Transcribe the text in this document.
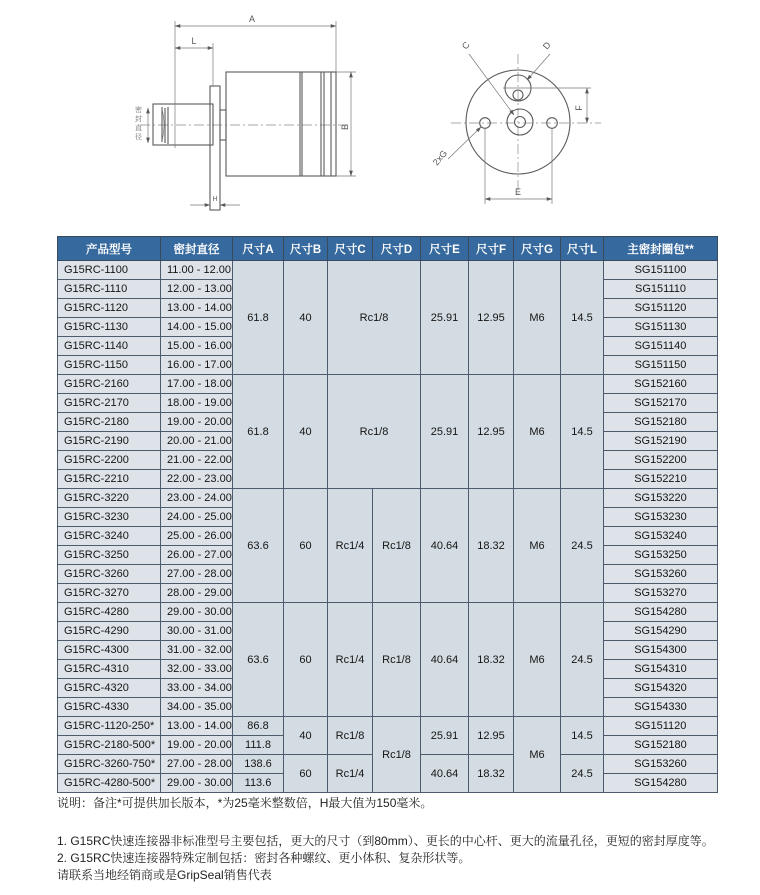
密封直径
A
L
B
H
C	D
2xG
F
E
产品型号	密封直径	尺寸A	尺寸B	尺寸C	尺寸D	尺寸E	尺寸F	尺寸G	尺寸L	主密封圈包**
G15RC-1100	11.00 - 12.00	61.8	40	Rc1/8		25.91	12.95	M6	14.5	SG151100
G15RC-1110	12.00 - 13.00									SG151110
G15RC-1120	13.00 - 14.00									SG151120
G15RC-1130	14.00 - 15.00									SG151130
G15RC-1140	15.00 - 16.00									SG151140
G15RC-1150	16.00 - 17.00									SG151150
G15RC-2160	17.00 - 18.00	61.8	40	Rc1/8		25.91	12.95	M6	14.5	SG152160
G15RC-2170	18.00 - 19.00									SG152170
G15RC-2180	19.00 - 20.00									SG152180
G15RC-2190	20.00 - 21.00									SG152190
G15RC-2200	21.00 - 22.00									SG152200
G15RC-2210	22.00 - 23.00									SG152210
G15RC-3220	23.00 - 24.00	63.6	60	Rc1/4	Rc1/8	40.64	18.32	M6	24.5	SG153220
G15RC-3230	24.00 - 25.00									SG153230
G15RC-3240	25.00 - 26.00									SG153240
G15RC-3250	26.00 - 27.00									SG153250
G15RC-3260	27.00 - 28.00									SG153260
G15RC-3270	28.00 - 29.00									SG153270
G15RC-4280	29.00 - 30.00	63.6	60	Rc1/4	Rc1/8	40.64	18.32	M6	24.5	SG154280
G15RC-4290	30.00 - 31.00									SG154290
G15RC-4300	31.00 - 32.00									SG154300
G15RC-4310	32.00 - 33.00									SG154310
G15RC-4320	33.00 - 34.00									SG154320
G15RC-4330	34.00 - 35.00									SG154330
G15RC-1120-250*	13.00 - 14.00	86.8	40	Rc1/8	Rc1/8	25.91	12.95	M6	14.5	SG151120
G15RC-2180-500*	19.00 - 20.00	111.8								SG152180
G15RC-3260-750*	27.00 - 28.00	138.6	60	Rc1/4		40.64	18.32		24.5	SG153260
G15RC-4280-500*	29.00 - 30.00	113.6								SG154280

说明：备注*可提供加长版本，*为25毫米整数倍，H最大值为150毫米。

1. G15RC快速连接器非标准型号主要包括，更大的尺寸（到80mm）、更长的中心杆、更大的流量孔径，更短的密封厚度等。

2. G15RC快速连接器特殊定制包括：密封各种螺纹、更小体积、复杂形状等。

请联系当地经销商或是GripSeal销售代表
